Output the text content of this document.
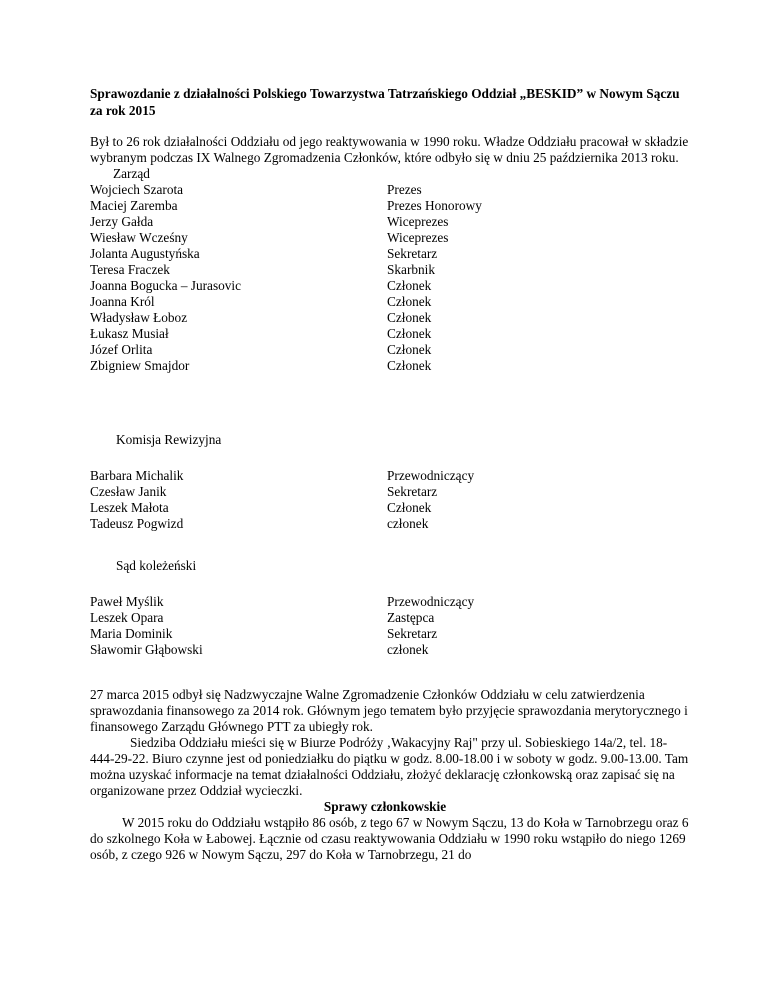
Sprawozdanie z działalności Polskiego Towarzystwa Tatrzańskiego Oddział „BESKID” w Nowym Sączu za rok 2015

Był to 26 rok działalności Oddziału od jego reaktywowania w 1990 roku. Władze Oddziału pracował w składzie wybranym podczas IX Walnego Zgromadzenia Członków, które odbyło się w dniu 25 października 2013 roku.

Zarząd
Wojciech Szarota	Prezes
Maciej Zaremba	Prezes Honorowy
Jerzy Gałda	Wiceprezes
Wiesław Wcześny	Wiceprezes
Jolanta Augustyńska	Sekretarz
Teresa Fraczek	Skarbnik
Joanna Bogucka – Jurasovic	Członek
Joanna Król	Członek
Władysław Łoboz	Członek
Łukasz Musiał	Członek
Józef Orlita	Członek
Zbigniew Smajdor	Członek
Komisja Rewizyjna
Barbara Michalik	Przewodniczący
Czesław Janik	Sekretarz
Leszek Małota	Członek
Tadeusz Pogwizd	członek
Sąd koleżeński
Paweł Myślik	Przewodniczący
Leszek Opara	Zastępca
Maria Dominik	Sekretarz
Sławomir Głąbowski	członek

27 marca 2015 odbył się Nadzwyczajne Walne Zgromadzenie Członków Oddziału w celu zatwierdzenia sprawozdania finansowego za 2014 rok. Głównym jego tematem było przyjęcie sprawozdania merytorycznego i finansowego Zarządu Głównego PTT za ubiegły rok.

Siedziba Oddziału mieści się w Biurze Podróży ‚Wakacyjny Raj" przy ul. Sobieskiego 14a/2, tel. 18-444-29-22. Biuro czynne jest od poniedziałku do piątku w godz. 8.00-18.00 i w soboty w godz. 9.00-13.00. Tam można uzyskać informacje na temat działalności Oddziału, złożyć deklarację członkowską oraz zapisać się na organizowane przez Oddział wycieczki.

Sprawy członkowskie

W 2015 roku do Oddziału wstąpiło 86 osób, z tego 67 w Nowym Sączu, 13 do Koła w Tarnobrzegu oraz 6 do szkolnego Koła w Łabowej. Łącznie od czasu reaktywowania Oddziału w 1990 roku wstąpiło do niego 1269 osób, z czego 926 w Nowym Sączu, 297 do Koła w Tarnobrzegu, 21 do
